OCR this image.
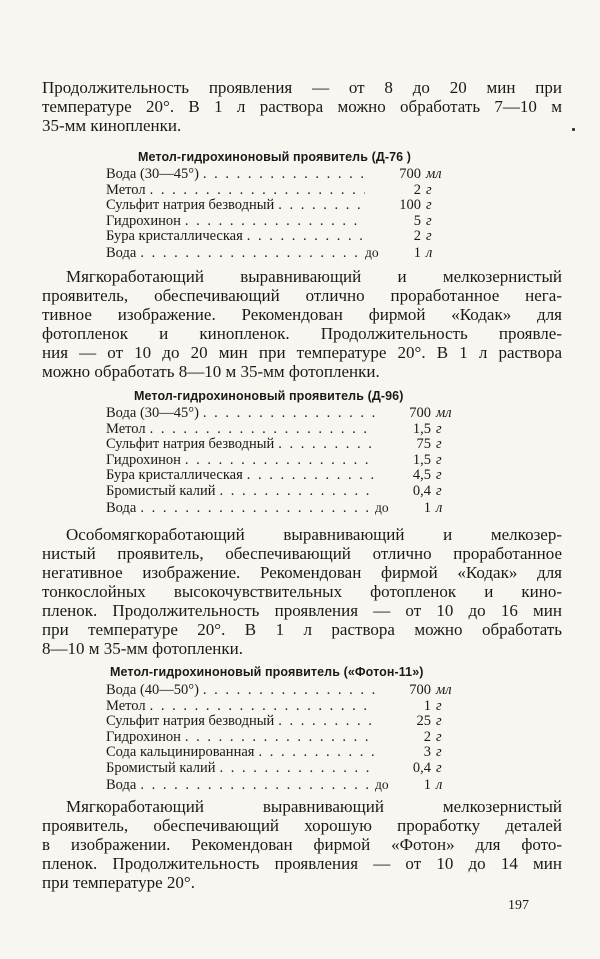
Продолжительность проявления — от 8 до 20 мин при
температуре 20°. В 1 л раствора можно обработать 7—10 м
35-мм кинопленки.
Метол-гидрохиноновый проявитель (Д-76 )
Вода (30—45°) . . .	700 мл
Метол . . .	2 г
Сульфит натрия безводный . . .	100 г
Гидрохинон . . .	5 г
Бура кристаллическая . . .	2 г
Вода . . .	до	1 л
Мягкоработающий выравнивающий и мелкозернистый
проявитель, обеспечивающий отлично проработанное нега-
тивное изображение. Рекомендован фирмой «Кодак» для
фотопленок и кинопленок. Продолжительность проявле-
ния — от 10 до 20 мин при температуре 20°. В 1 л раствора
можно обработать 8—10 м 35-мм фотопленки.
Метол-гидрохиноновый проявитель (Д-96)
Вода (30—45°) . . .	700 мл
Метол . . .	1,5 г
Сульфит натрия безводный . . .	75 г
Гидрохинон . . .	1,5 г
Бура кристаллическая . . .	4,5 г
Бромистый калий . . .	0,4 г
Вода . . .	до	1 л
Особомягкоработающий выравнивающий и мелкозер-
нистый проявитель, обеспечивающий отлично проработанное
негативное изображение. Рекомендован фирмой «Кодак» для
тонкослойных высокочувствительных фотопленок и кино-
пленок. Продолжительность проявления — от 10 до 16 мин
при температуре 20°. В 1 л раствора можно обработать
8—10 м 35-мм фотопленки.
Метол-гидрохиноновый проявитель («Фотон-11»)
Вода (40—50°) . . .	700 мл
Метол . . .	1 г
Сульфит натрия безводный . . .	25 г
Гидрохинон . . .	2 г
Сода кальцинированная . . .	3 г
Бромистый калий . . .	0,4 г
Вода . . .	до	1 л
Мягкоработающий выравнивающий мелкозернистый
проявитель, обеспечивающий хорошую проработку деталей
в изображении. Рекомендован фирмой «Фотон» для фото-
пленок. Продолжительность проявления — от 10 до 14 мин
при температуре 20°.
197
